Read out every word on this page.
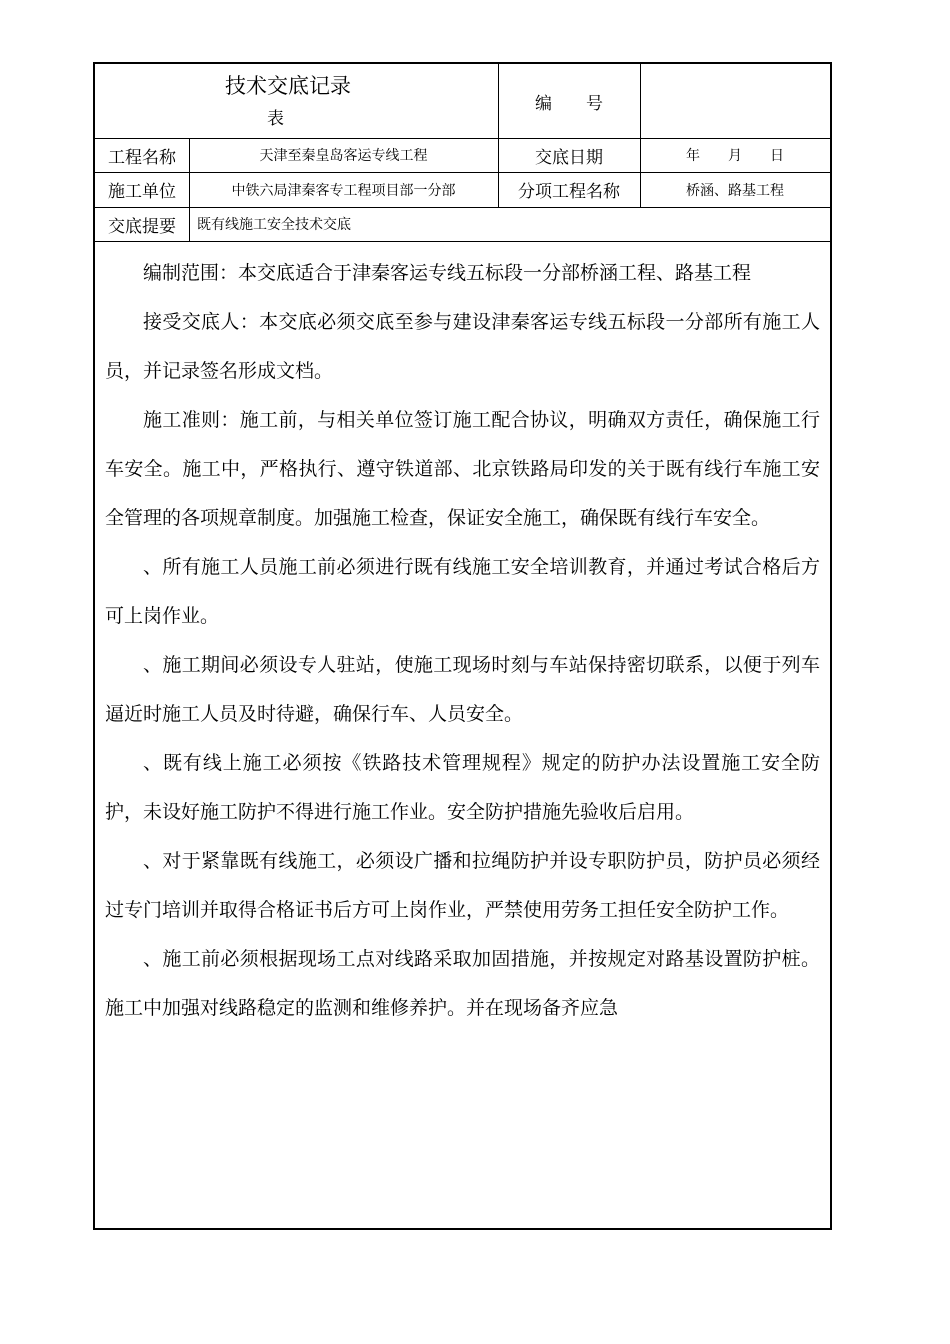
技术交底记录
表
编　　号
工程名称	天津至秦皇岛客运专线工程	交底日期	年　　月　　日
施工单位	中铁六局津秦客专工程项目部一分部	分项工程名称	桥涵、路基工程
交底提要	既有线施工安全技术交底

编制范围：本交底适合于津秦客运专线五标段一分部桥涵工程、路基工程

接受交底人：本交底必须交底至参与建设津秦客运专线五标段一分部所有施工人员，并记录签名形成文档。

施工准则：施工前，与相关单位签订施工配合协议，明确双方责任，确保施工行车安全。施工中，严格执行、遵守铁道部、北京铁路局印发的关于既有线行车施工安全管理的各项规章制度。加强施工检查，保证安全施工，确保既有线行车安全。

、所有施工人员施工前必须进行既有线施工安全培训教育，并通过考试合格后方可上岗作业。

、施工期间必须设专人驻站，使施工现场时刻与车站保持密切联系，以便于列车逼近时施工人员及时待避，确保行车、人员安全。

、既有线上施工必须按《铁路技术管理规程》规定的防护办法设置施工安全防护，未设好施工防护不得进行施工作业。安全防护措施先验收后启用。

、对于紧靠既有线施工，必须设广播和拉绳防护并设专职防护员，防护员必须经过专门培训并取得合格证书后方可上岗作业，严禁使用劳务工担任安全防护工作。

、施工前必须根据现场工点对线路采取加固措施，并按规定对路基设置防护桩。施工中加强对线路稳定的监测和维修养护。并在现场备齐应急
